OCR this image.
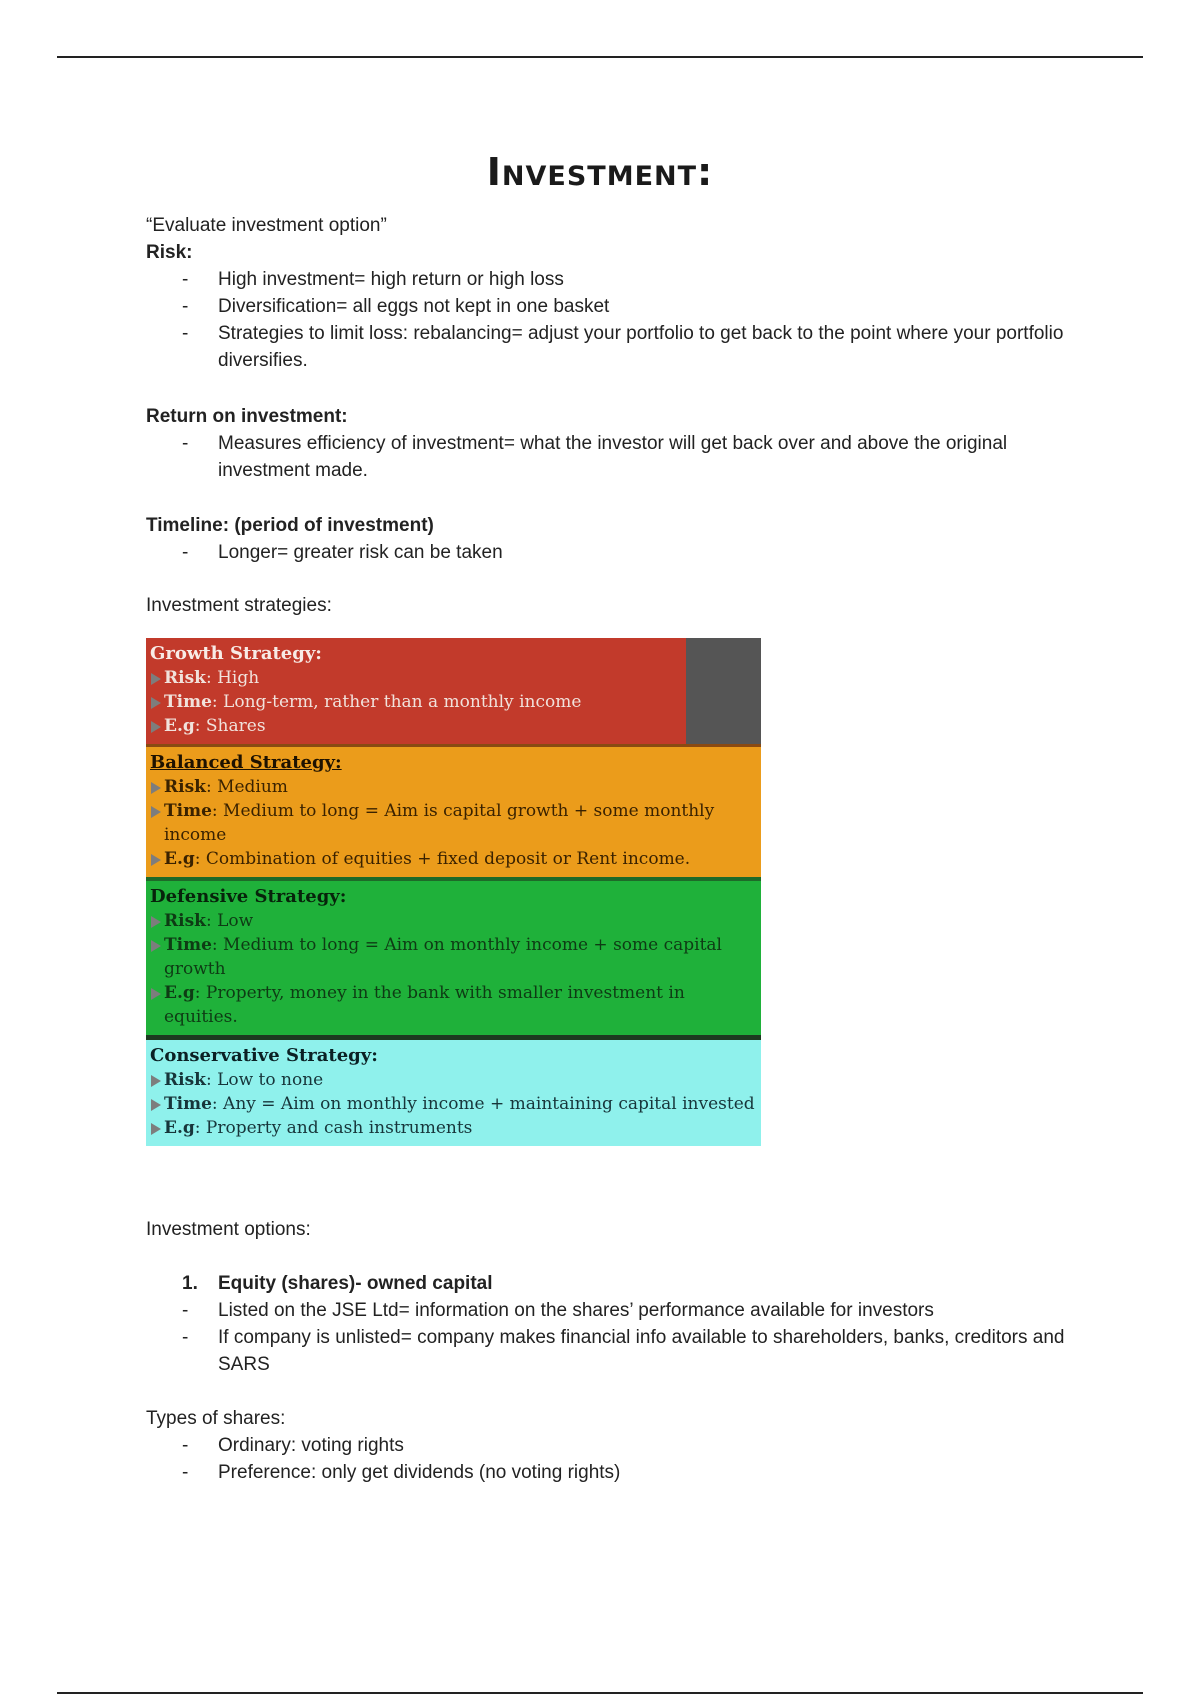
Investment:
“Evaluate investment option”
Risk:
- High investment= high return or high loss
- Diversification= all eggs not kept in one basket
- Strategies to limit loss: rebalancing= adjust your portfolio to get back to the point where your portfolio diversifies.
Return on investment:
- Measures efficiency of investment= what the investor will get back over and above the original investment made.
Timeline: (period of investment)
- Longer= greater risk can be taken
Investment strategies:
Growth Strategy:
Risk: High
Time: Long-term, rather than a monthly income
E.g: Shares
Balanced Strategy:
Risk: Medium
Time: Medium to long = Aim is capital growth + some monthly income
E.g: Combination of equities + fixed deposit or Rent income.
Defensive Strategy:
Risk: Low
Time: Medium to long = Aim on monthly income + some capital growth
E.g: Property, money in the bank with smaller investment in equities.
Conservative Strategy:
Risk: Low to none
Time: Any = Aim on monthly income + maintaining capital invested
E.g: Property and cash instruments
Investment options:
1. Equity (shares)- owned capital
- Listed on the JSE Ltd= information on the shares’ performance available for investors
- If company is unlisted= company makes financial info available to shareholders, banks, creditors and SARS
Types of shares:
- Ordinary: voting rights
- Preference: only get dividends (no voting rights)
